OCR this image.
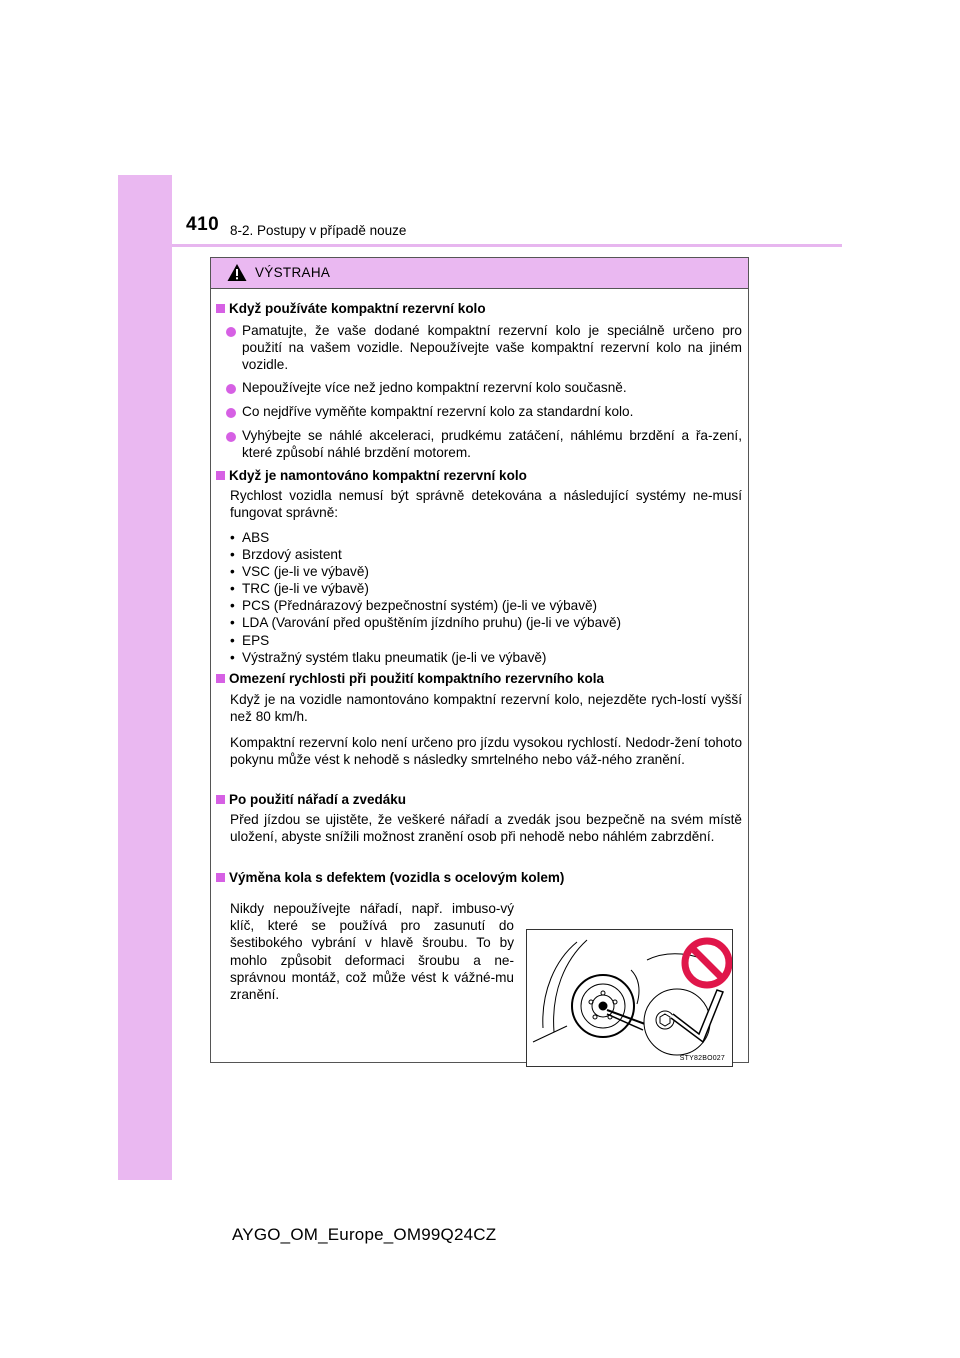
410 8-2. Postupy v případě nouze
VÝSTRAHA
Když používáte kompaktní rezervní kolo
Pamatujte, že vaše dodané kompaktní rezervní kolo je speciálně určeno pro použití na vašem vozidle. Nepoužívejte vaše kompaktní rezervní kolo na jiném vozidle.
Nepoužívejte více než jedno kompaktní rezervní kolo současně.
Co nejdříve vyměňte kompaktní rezervní kolo za standardní kolo.
Vyhýbejte se náhlé akceleraci, prudkému zatáčení, náhlému brzdění a řa-zení, které způsobí náhlé brzdění motorem.
Když je namontováno kompaktní rezervní kolo
Rychlost vozidla nemusí být správně detekována a následující systémy ne-musí fungovat správně:
• ABS
• Brzdový asistent
• VSC (je-li ve výbavě)
• TRC (je-li ve výbavě)
• PCS (Přednárazový bezpečnostní systém) (je-li ve výbavě)
• LDA (Varování před opuštěním jízdního pruhu) (je-li ve výbavě)
• EPS
• Výstražný systém tlaku pneumatik (je-li ve výbavě)
Omezení rychlosti při použití kompaktního rezervního kola
Když je na vozidle namontováno kompaktní rezervní kolo, nejezděte rych-lostí vyšší než 80 km/h.
Kompaktní rezervní kolo není určeno pro jízdu vysokou rychlostí. Nedodr-žení tohoto pokynu může vést k nehodě s následky smrtelného nebo váž-ného zranění.
Po použití nářadí a zvedáku
Před jízdou se ujistěte, že veškeré nářadí a zvedák jsou bezpečně na svém místě uložení, abyste snížili možnost zranění osob při nehodě nebo náhlém zabrzdění.
Výměna kola s defektem (vozidla s ocelovým kolem)
Nikdy nepoužívejte nářadí, např. imbuso-vý klíč, které se používá pro zasunutí do šestibokého vybrání v hlavě šroubu. To by mohlo způsobit deformaci šroubu a ne-správnou montáž, což může vést k vážné-mu zranění.
STY82BO027
AYGO_OM_Europe_OM99Q24CZ
